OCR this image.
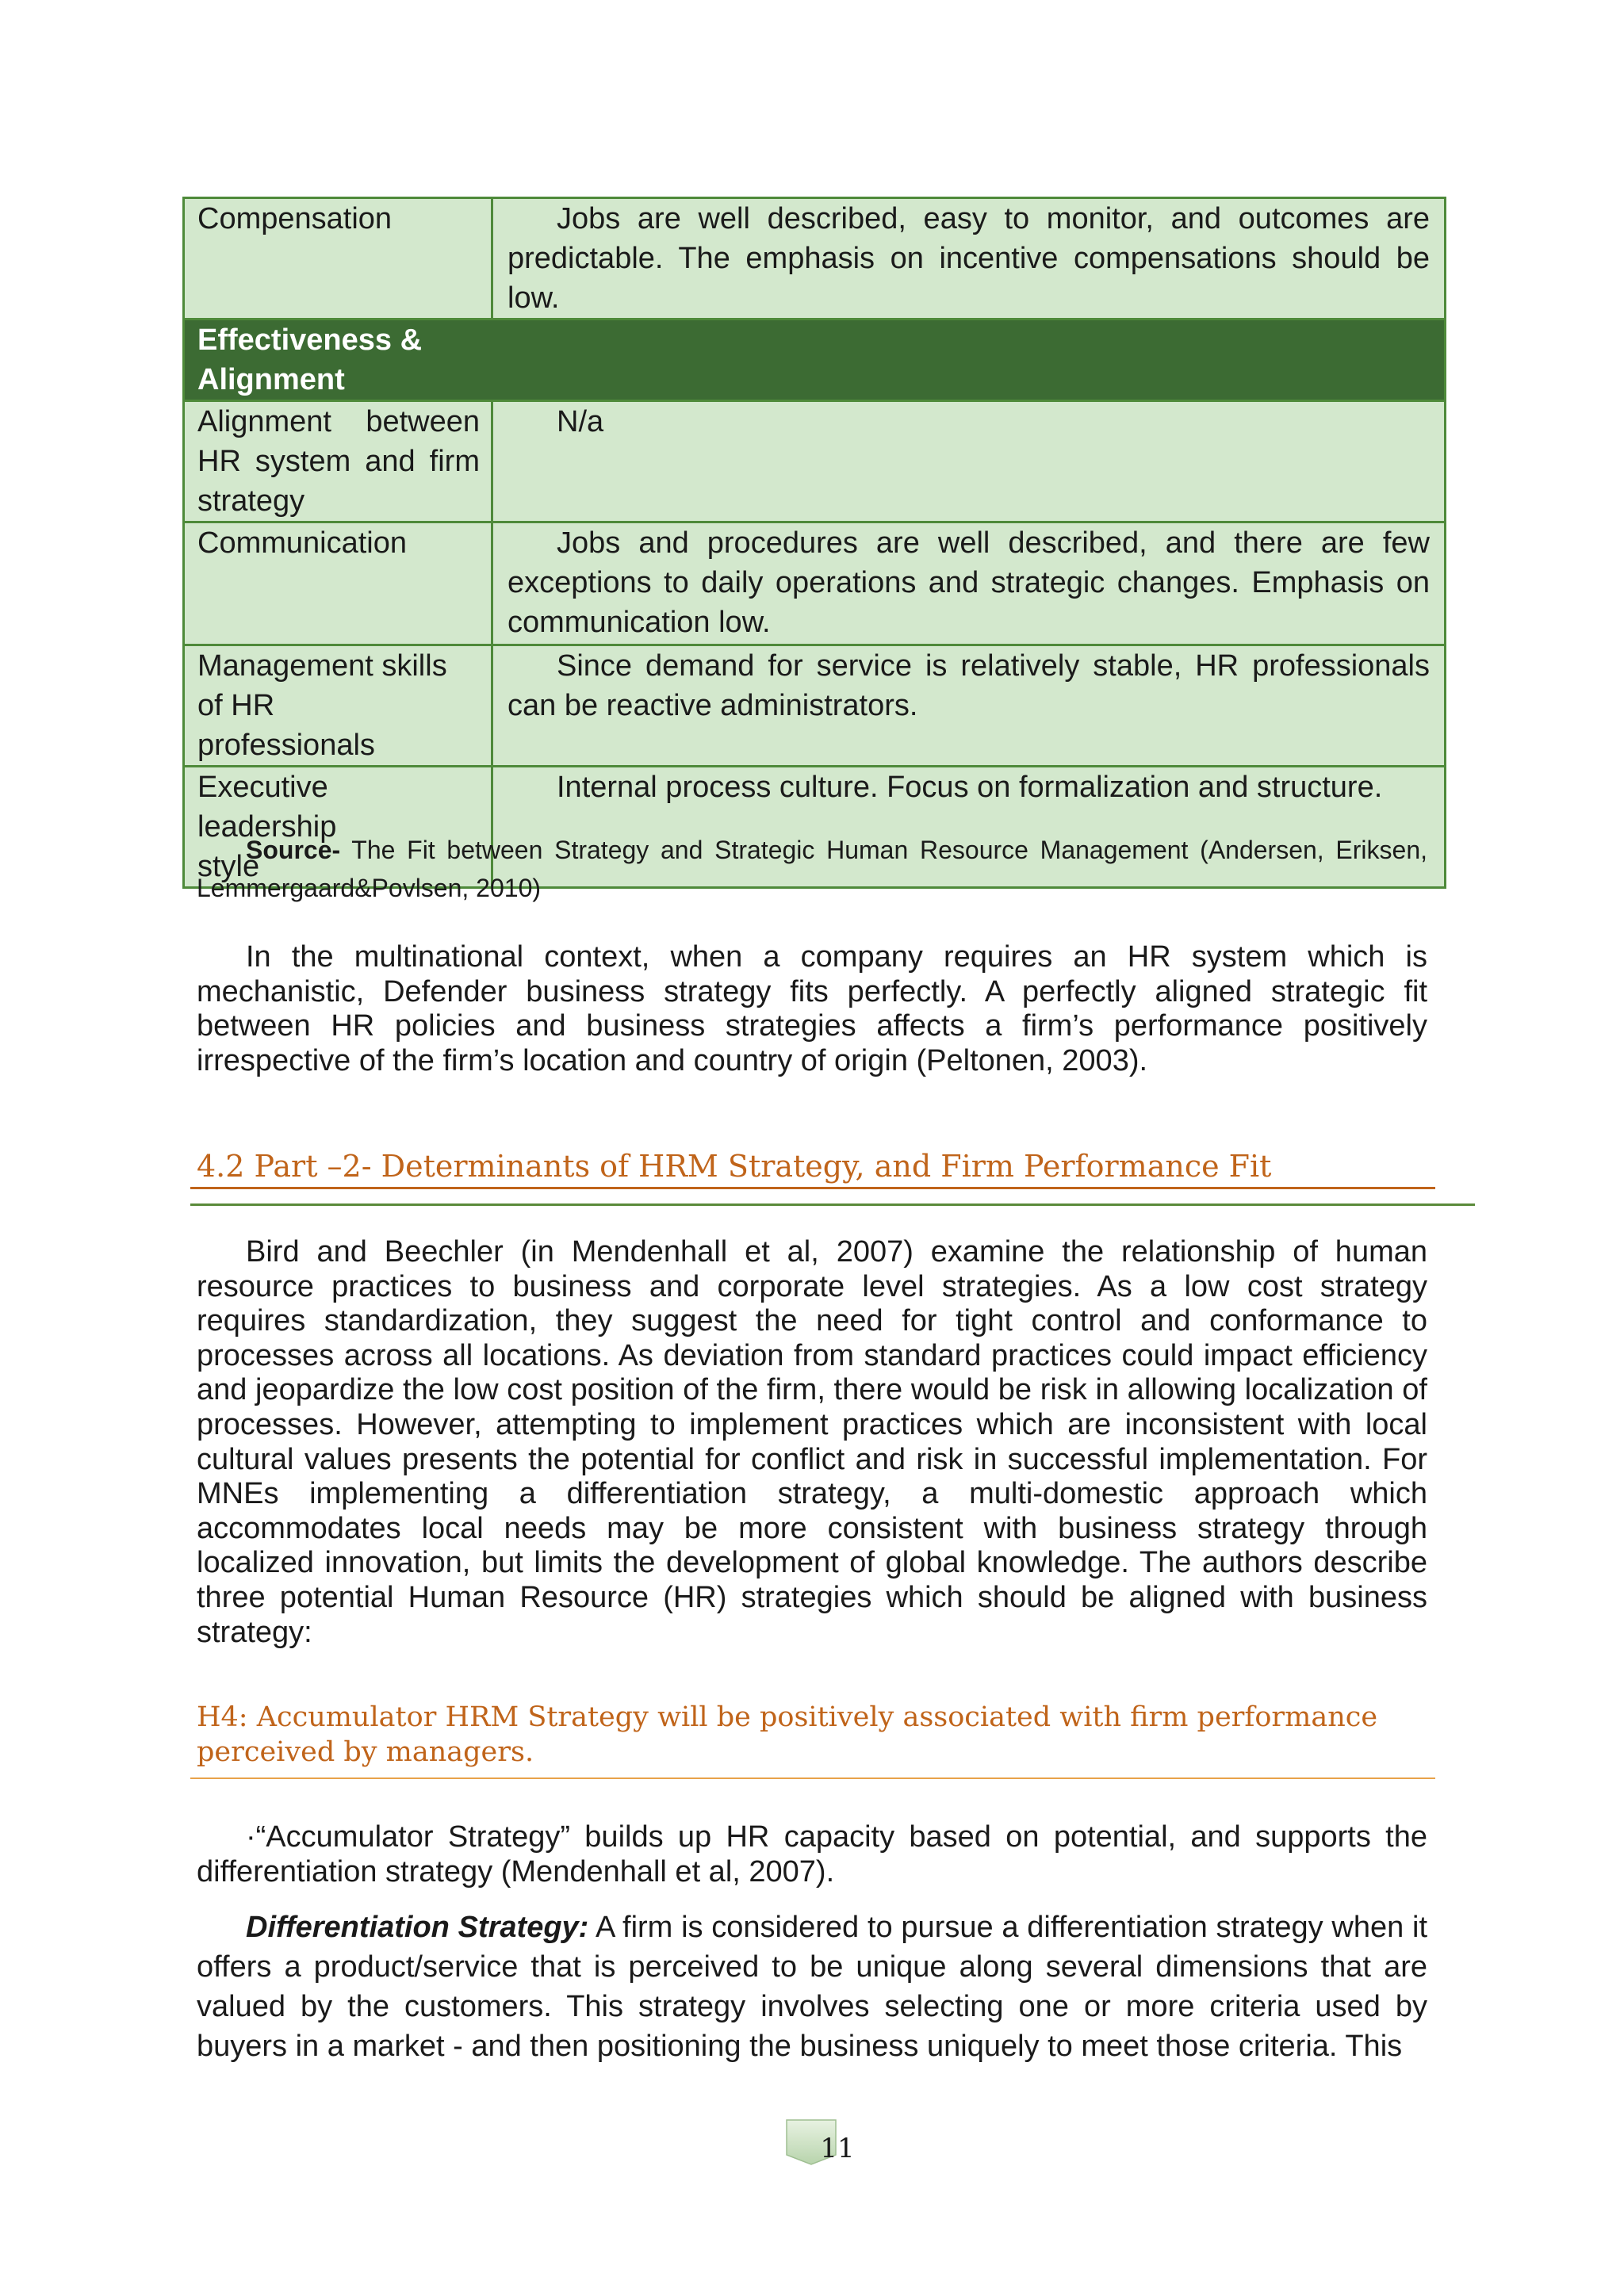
Compensation	Jobs are well described, easy to monitor, and outcomes are predictable. The emphasis on incentive compensations should be low.

Effectiveness & Alignment	

Alignment between HR system and firm strategy	N/a

Communication	Jobs and procedures are well described, and there are few exceptions to daily operations and strategic changes. Emphasis on communication low.

Management skills of HR professionals	Since demand for service is relatively stable, HR professionals can be reactive administrators.

Executive leadership style	Internal process culture. Focus on formalization and structure.
Source- The Fit between Strategy and Strategic Human Resource Management (Andersen, Eriksen, Lemmergaard&Povlsen, 2010)
In the multinational context, when a company requires an HR system which is mechanistic, Defender business strategy fits perfectly. A perfectly aligned strategic fit between HR policies and business strategies affects a firm’s performance positively irrespective of the firm’s location and country of origin (Peltonen, 2003).
4.2 Part –2- Determinants of HRM Strategy, and Firm Performance Fit
Bird and Beechler (in Mendenhall et al, 2007) examine the relationship of human resource practices to business and corporate level strategies. As a low cost strategy requires standardization, they suggest the need for tight control and conformance to processes across all locations. As deviation from standard practices could impact efficiency and jeopardize the low cost position of the firm, there would be risk in allowing localization of processes. However, attempting to implement practices which are inconsistent with local cultural values presents the potential for conflict and risk in successful implementation. For MNEs implementing a differentiation strategy, a multi-domestic approach which accommodates local needs may be more consistent with business strategy through localized innovation, but limits the development of global knowledge. The authors describe three potential Human Resource (HR) strategies which should be aligned with business strategy:
H4: Accumulator HRM Strategy will be positively associated with firm performance perceived by managers.
·“Accumulator Strategy” builds up HR capacity based on potential, and supports the differentiation strategy (Mendenhall et al, 2007).
Differentiation Strategy: A firm is considered to pursue a differentiation strategy when it offers a product/service that is perceived to be unique along several dimensions that are valued by the customers. This strategy involves selecting one or more criteria used by buyers in a market - and then positioning the business uniquely to meet those criteria. This
11
